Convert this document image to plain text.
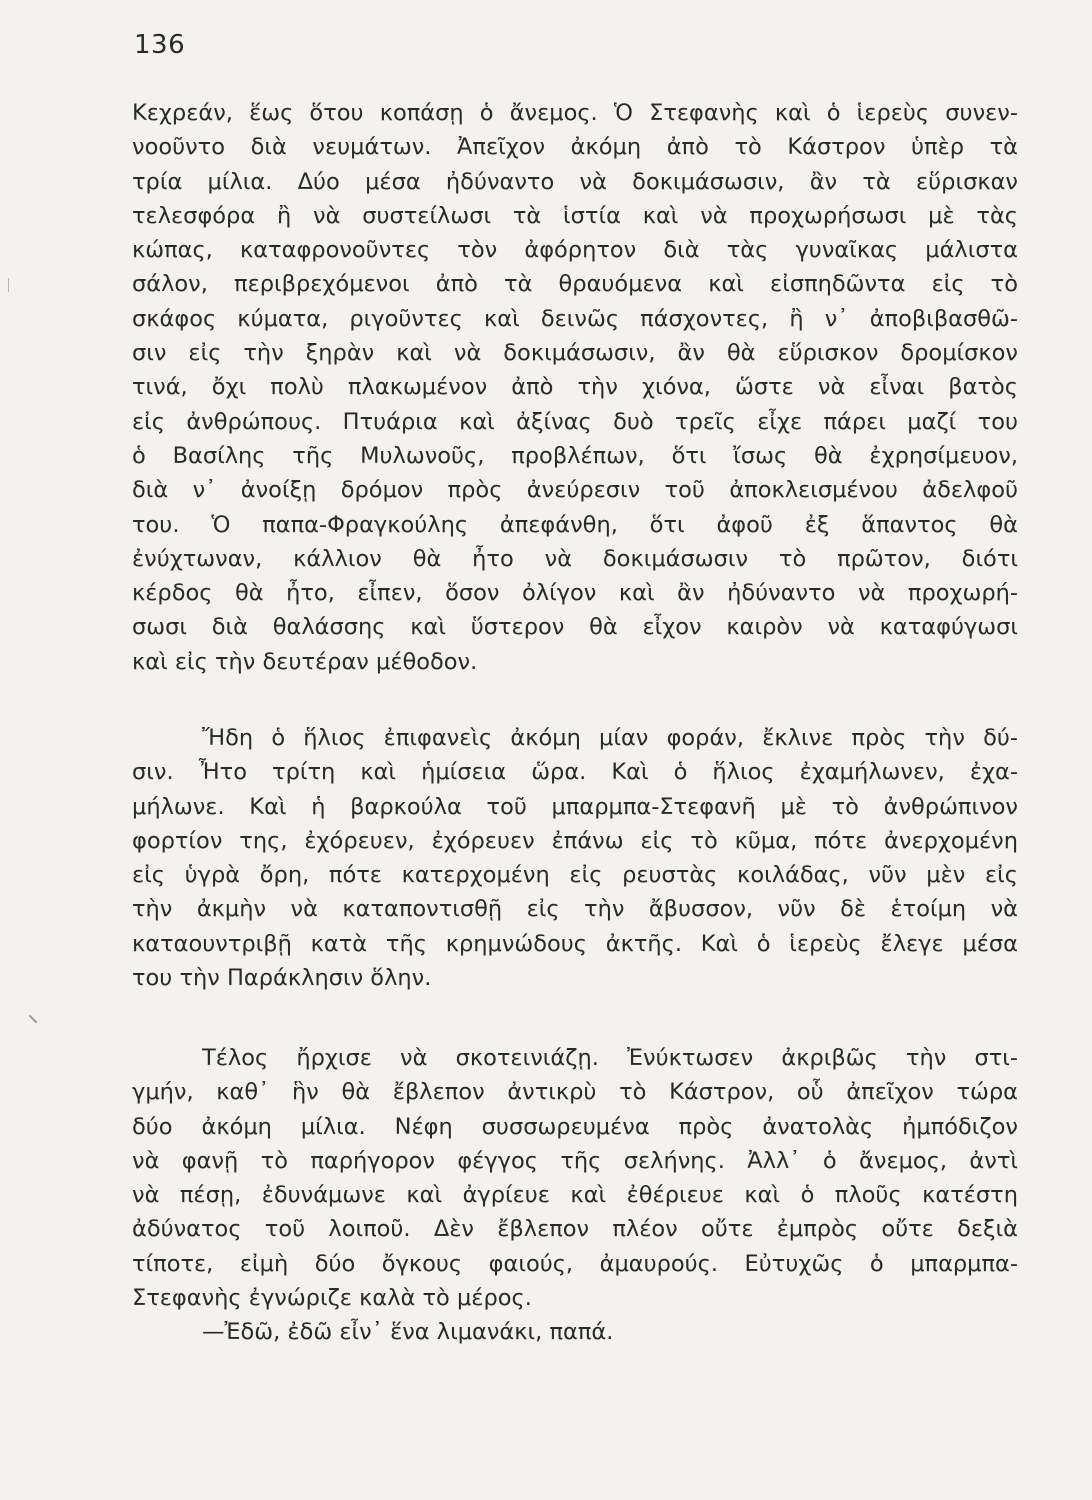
136
Κεχρεάν, ἕως ὅτου κοπάσῃ ὁ ἄνεμος. Ὁ Στεφανὴς καὶ ὁ ἱερεὺς συνεν-
νοοῦντο διὰ νευμάτων. Ἀπεῖχον ἀκόμη ἀπὸ τὸ Κάστρον ὑπὲρ τὰ
τρία μίλια. Δύο μέσα ἠδύναντο νὰ δοκιμάσωσιν, ἂν τὰ εὕρισκαν
τελεσφόρα ἢ νὰ συστείλωσι τὰ ἱστία καὶ νὰ προχωρήσωσι μὲ τὰς
κώπας, καταφρονοῦντες τὸν ἀφόρητον διὰ τὰς γυναῖκας μάλιστα
σάλον, περιβρεχόμενοι ἀπὸ τὰ θραυόμενα καὶ εἰσπηδῶντα εἰς τὸ
σκάφος κύματα, ριγοῦντες καὶ δεινῶς πάσχοντες, ἢ ν᾽ ἀποβιβασθῶ-
σιν εἰς τὴν ξηρὰν καὶ νὰ δοκιμάσωσιν, ἂν θὰ εὕρισκον δρομίσκον
τινά, ὄχι πολὺ πλακωμένον ἀπὸ τὴν χιόνα, ὥστε νὰ εἶναι βατὸς
εἰς ἀνθρώπους. Πτυάρια καὶ ἀξίνας δυὸ τρεῖς εἶχε πάρει μαζί του
ὁ Βασίλης τῆς Μυλωνοῦς, προβλέπων, ὅτι ἴσως θὰ ἐχρησίμευον,
διὰ ν᾽ ἀνοίξῃ δρόμον πρὸς ἀνεύρεσιν τοῦ ἀποκλεισμένου ἀδελφοῦ
του. Ὁ παπα-Φραγκούλης ἀπεφάνθη, ὅτι ἀφοῦ ἐξ ἅπαντος θὰ
ἐνύχτωναν, κάλλιον θὰ ἦτο νὰ δοκιμάσωσιν τὸ πρῶτον, διότι
κέρδος θὰ ἦτο, εἶπεν, ὅσον ὀλίγον καὶ ἂν ἠδύναντο νὰ προχωρή-
σωσι διὰ θαλάσσης καὶ ὕστερον θὰ εἶχον καιρὸν νὰ καταφύγωσι
καὶ εἰς τὴν δευτέραν μέθοδον.
Ἤδη ὁ ἥλιος ἐπιφανεὶς ἀκόμη μίαν φοράν, ἔκλινε πρὸς τὴν δύ-
σιν. Ἦτο τρίτη καὶ ἡμίσεια ὥρα. Καὶ ὁ ἥλιος ἐχαμήλωνεν, ἐχα-
μήλωνε. Καὶ ἡ βαρκούλα τοῦ μπαρμπα-Στεφανῆ μὲ τὸ ἀνθρώπινον
φορτίον της, ἐχόρευεν, ἐχόρευεν ἐπάνω εἰς τὸ κῦμα, πότε ἀνερχομένη
εἰς ὑγρὰ ὄρη, πότε κατερχομένη εἰς ρευστὰς κοιλάδας, νῦν μὲν εἰς
τὴν ἀκμὴν νὰ καταποντισθῇ εἰς τὴν ἄβυσσον, νῦν δὲ ἑτοίμη νὰ
καταουντριβῇ κατὰ τῆς κρημνώδους ἀκτῆς. Καὶ ὁ ἱερεὺς ἔλεγε μέσα
του τὴν Παράκλησιν ὅλην.
Τέλος ἤρχισε νὰ σκοτεινιάζῃ. Ἐνύκτωσεν ἀκριβῶς τὴν στι-
γμήν, καθ᾽ ἣν θὰ ἔβλεπον ἀντικρὺ τὸ Κάστρον, οὗ ἀπεῖχον τώρα
δύο ἀκόμη μίλια. Νέφη συσσωρευμένα πρὸς ἀνατολὰς ἠμπόδιζον
νὰ φανῇ τὸ παρήγορον φέγγος τῆς σελήνης. Ἀλλ᾽ ὁ ἄνεμος, ἀντὶ
νὰ πέσῃ, ἐδυνάμωνε καὶ ἀγρίευε καὶ ἐθέριευε καὶ ὁ πλοῦς κατέστη
ἀδύνατος τοῦ λοιποῦ. Δὲν ἔβλεπον πλέον οὔτε ἐμπρὸς οὔτε δεξιὰ
τίποτε, εἰμὴ δύο ὄγκους φαιούς, ἀμαυρούς. Εὐτυχῶς ὁ μπαρμπα-
Στεφανὴς ἐγνώριζε καλὰ τὸ μέρος.
—Ἐδῶ, ἐδῶ εἶν᾽ ἕνα λιμανάκι, παπά.
